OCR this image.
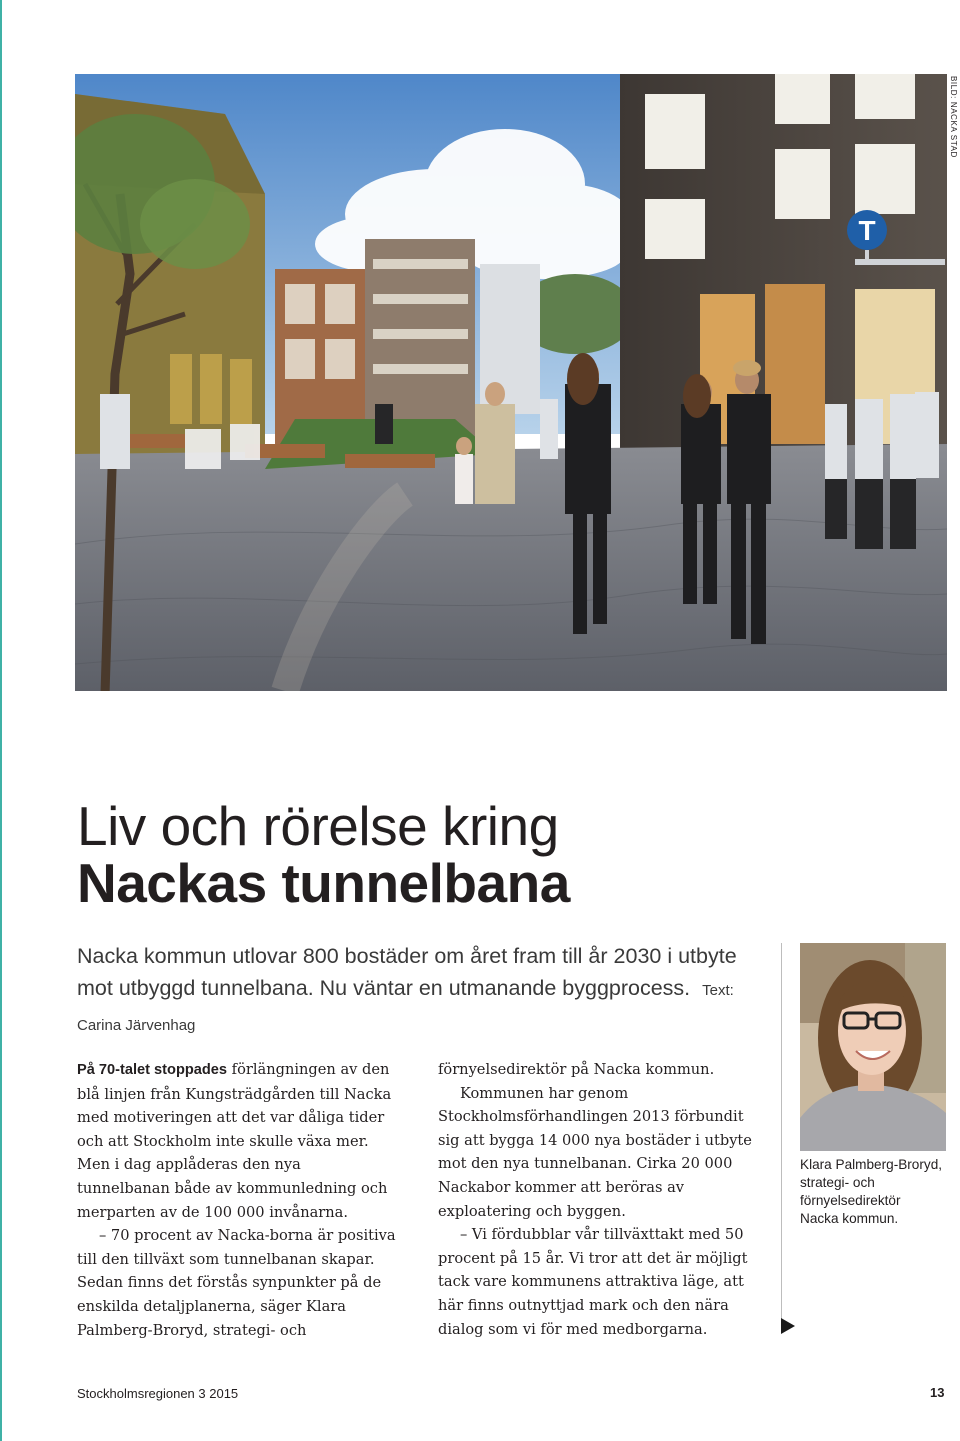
T
BILD: NACKA STAD
Liv och rörelse kring
Nackas tunnelbana
Nacka kommun utlovar 800 bostäder om året fram till år 2030 i utbyte mot utbyggd tunnelbana. Nu väntar en utmanande byggprocess. Text: Carina Järvenhag

På 70-talet stoppades förlängningen av den blå linjen från Kungsträdgården till Nacka med motiveringen att det var dåliga tider och att Stockholm inte skulle växa mer. Men i dag applåderas den nya tunnelbanan både av kommunledning och merparten av de 100 000 invånarna.

– 70 procent av Nacka-borna är positiva till den tillväxt som tunnelbanan skapar. Sedan finns det förstås synpunkter på de enskilda detaljplanerna, säger Klara Palmberg-Broryd, strategi- och

förnyelsedirektör på Nacka kommun.

Kommunen har genom Stockholmsförhandlingen 2013 förbundit sig att bygga 14 000 nya bostäder i utbyte mot den nya tunnelbanan. Cirka 20 000 Nackabor kommer att beröras av exploatering och byggen.

– Vi fördubblar vår tillväxttakt med 50 procent på 15 år. Vi tror att det är möjligt tack vare kommunens attraktiva läge, att här finns outnyttjad mark och den nära dialog som vi för med medborgarna.

Klara Palmberg-Broryd,
strategi- och
förnyelsedirektör
Nacka kommun.
Stockholmsregionen 3 2015	13
